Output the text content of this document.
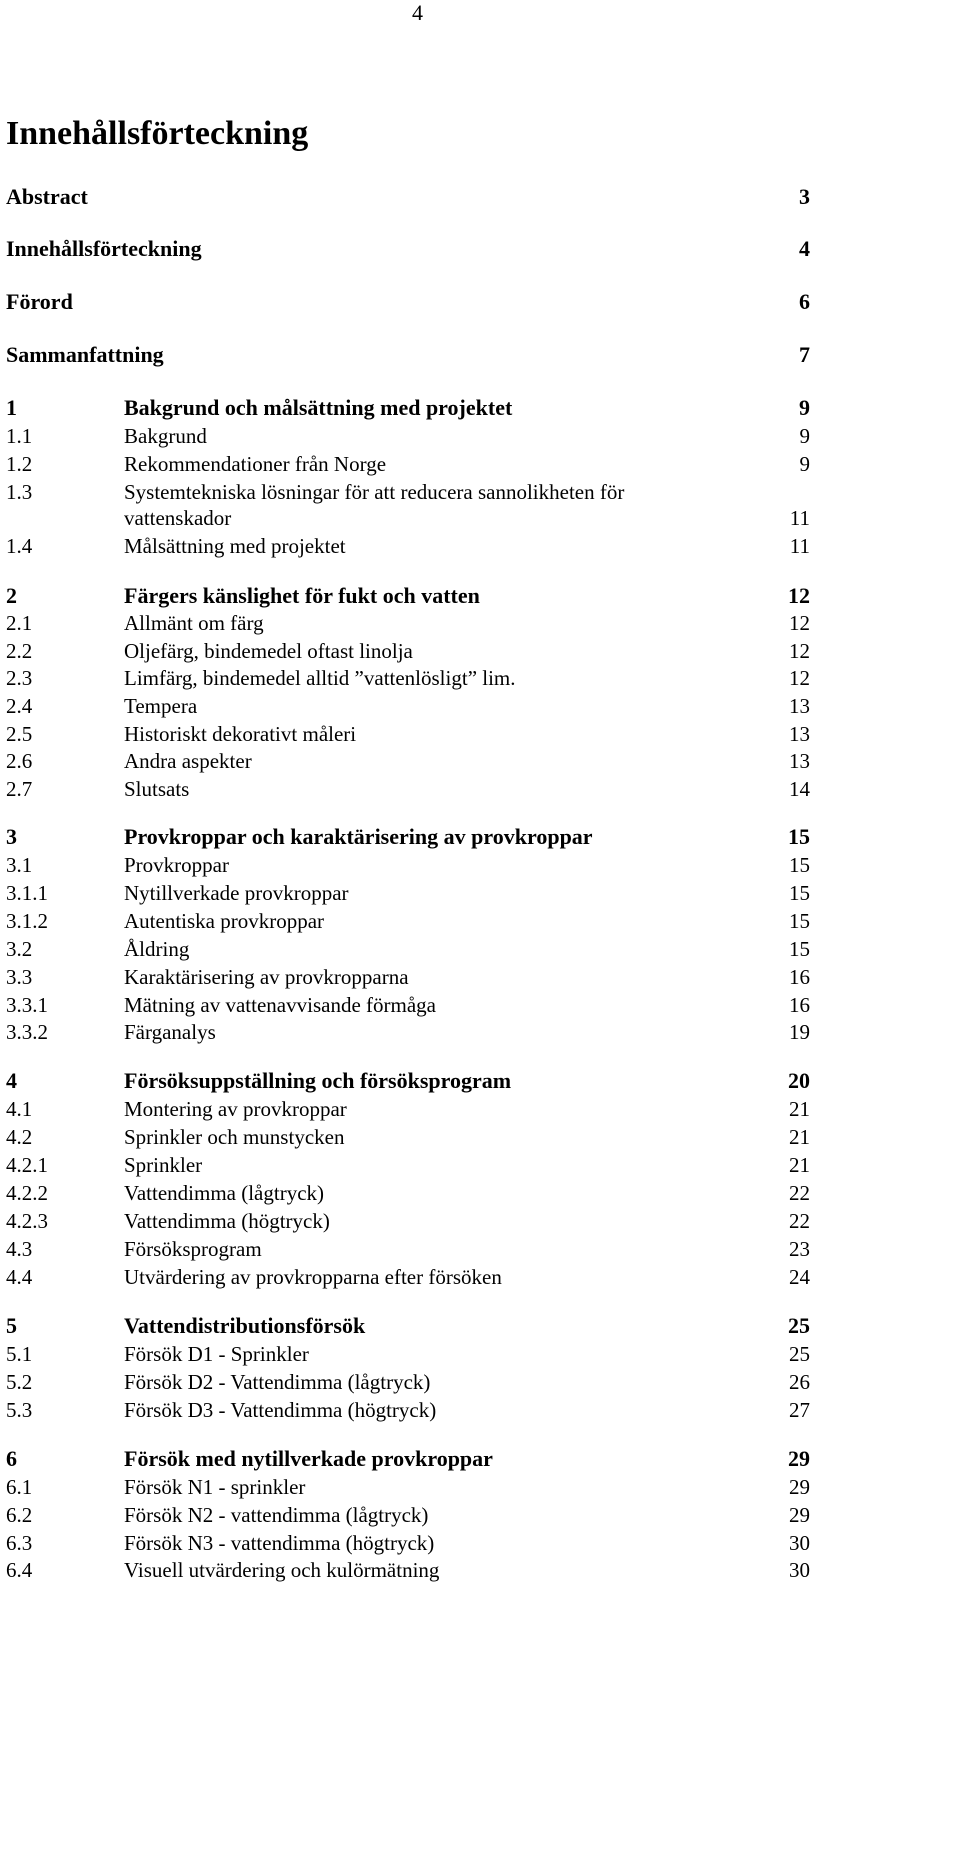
4
Innehållsförteckning
Abstract	3
Innehållsförteckning	4
Förord	6
Sammanfattning	7
1	Bakgrund och målsättning med projektet	9
1.1	Bakgrund	9
1.2	Rekommendationer från Norge	9
1.3	Systemtekniska lösningar för att reducera sannolikheten för
vattenskador	11
1.4	Målsättning med projektet	11
2	Färgers känslighet för fukt och vatten	12
2.1	Allmänt om färg	12
2.2	Oljefärg, bindemedel oftast linolja	12
2.3	Limfärg, bindemedel alltid ”vattenlösligt” lim.	12
2.4	Tempera	13
2.5	Historiskt dekorativt måleri	13
2.6	Andra aspekter	13
2.7	Slutsats	14
3	Provkroppar och karaktärisering av provkroppar	15
3.1	Provkroppar	15
3.1.1	Nytillverkade provkroppar	15
3.1.2	Autentiska provkroppar	15
3.2	Åldring	15
3.3	Karaktärisering av provkropparna	16
3.3.1	Mätning av vattenavvisande förmåga	16
3.3.2	Färganalys	19
4	Försöksuppställning och försöksprogram	20
4.1	Montering av provkroppar	21
4.2	Sprinkler och munstycken	21
4.2.1	Sprinkler	21
4.2.2	Vattendimma (lågtryck)	22
4.2.3	Vattendimma (högtryck)	22
4.3	Försöksprogram	23
4.4	Utvärdering av provkropparna efter försöken	24
5	Vattendistributionsförsök	25
5.1	Försök D1 - Sprinkler	25
5.2	Försök D2 - Vattendimma (lågtryck)	26
5.3	Försök D3 - Vattendimma (högtryck)	27
6	Försök med nytillverkade provkroppar	29
6.1	Försök N1 - sprinkler	29
6.2	Försök N2 - vattendimma (lågtryck)	29
6.3	Försök N3 - vattendimma (högtryck)	30
6.4	Visuell utvärdering och kulörmätning	30
